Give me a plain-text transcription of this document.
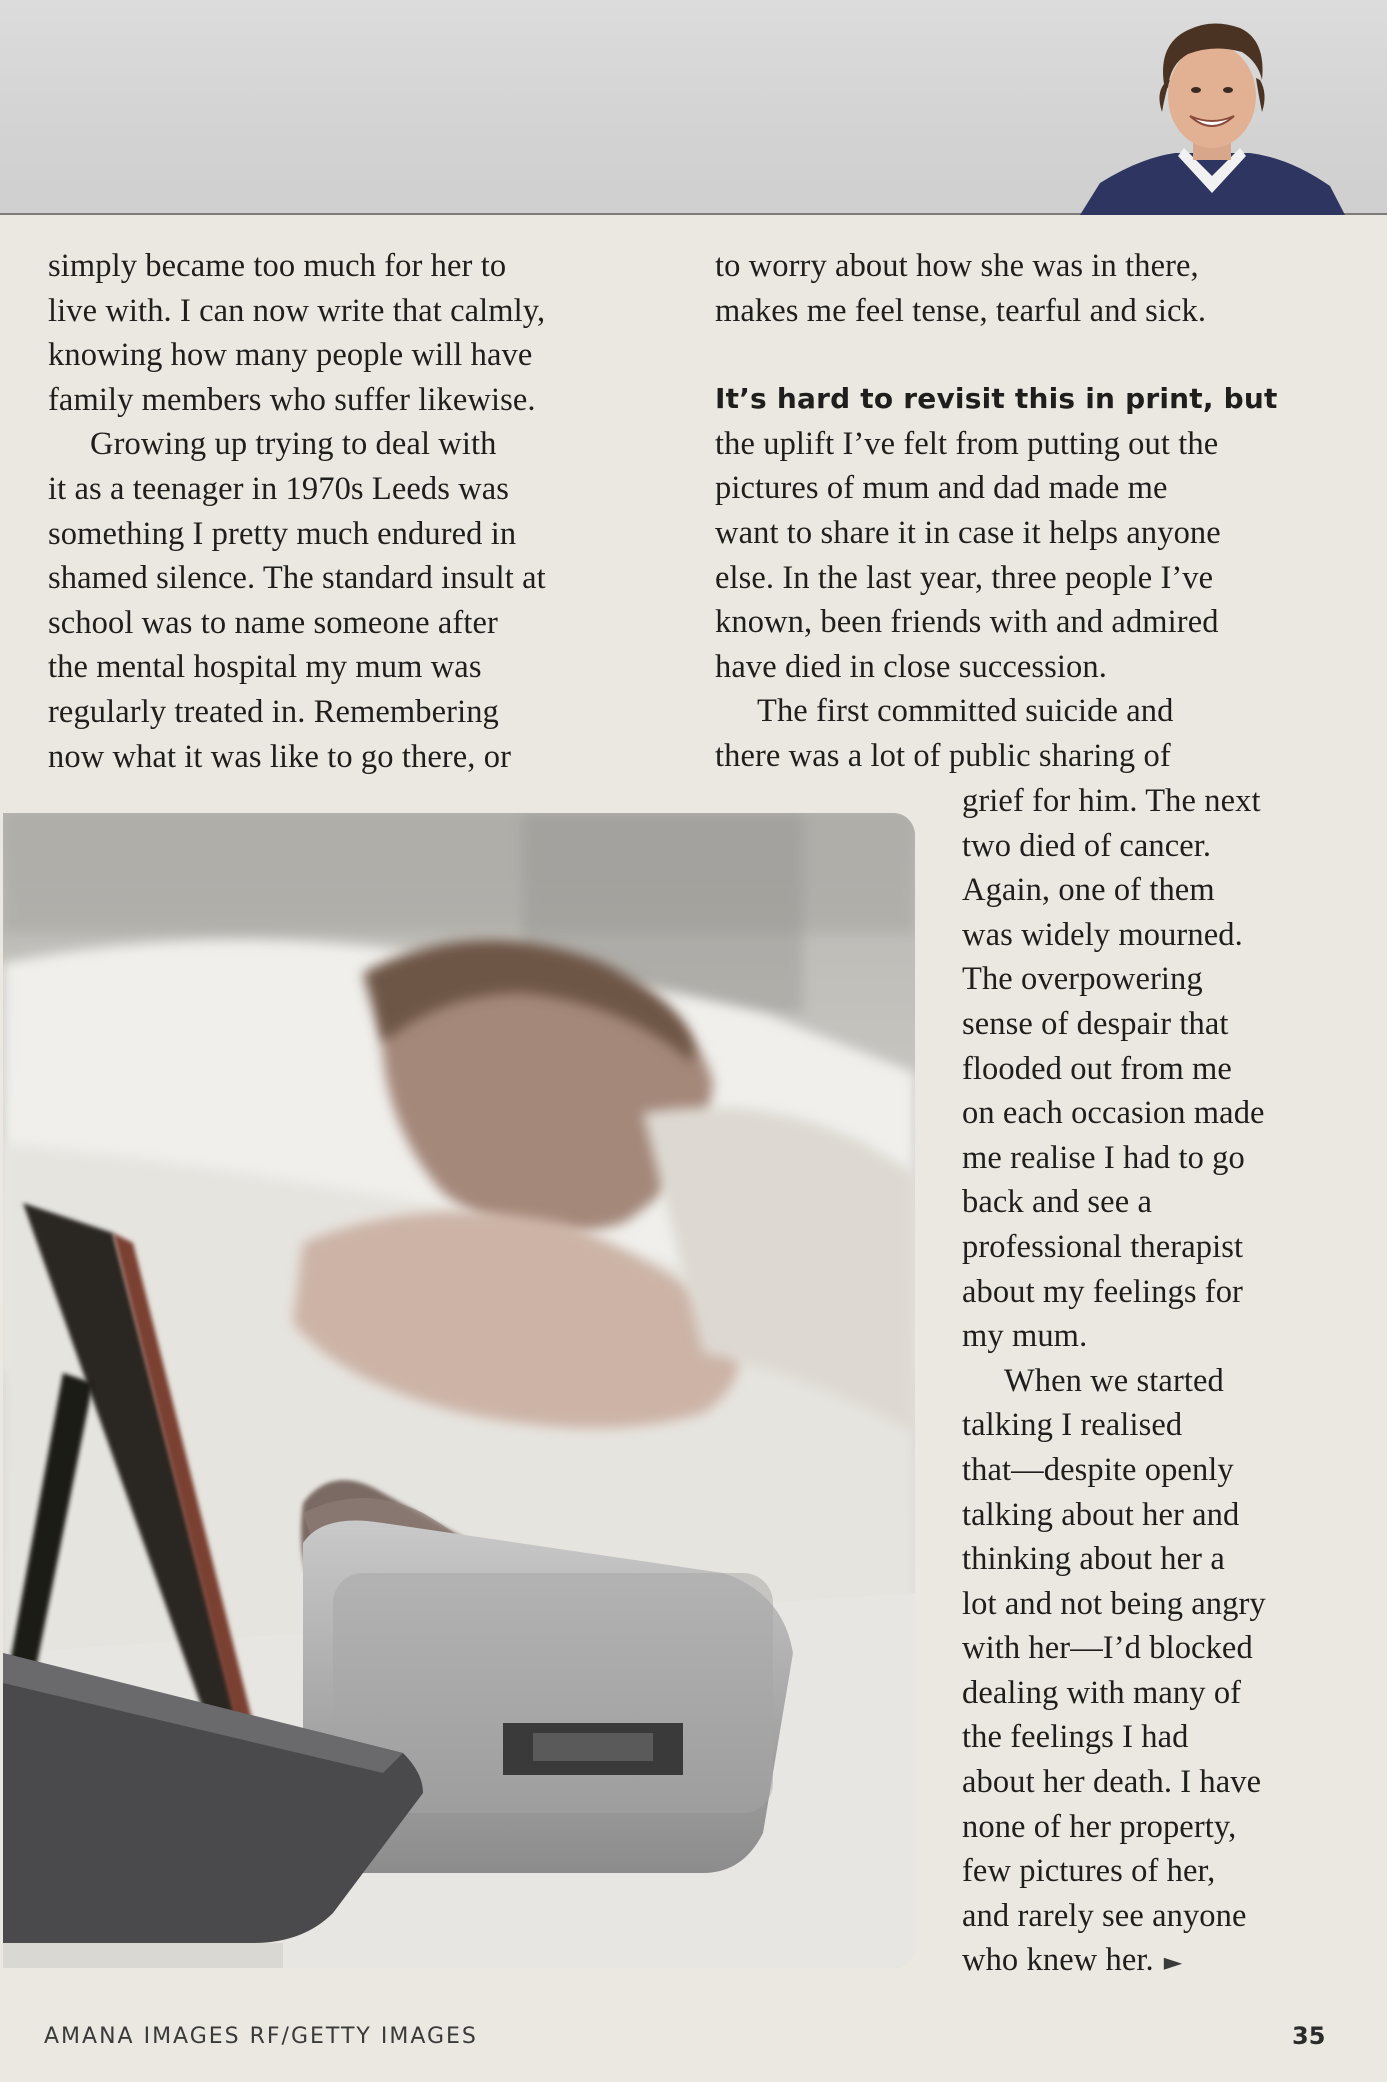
simply became too much for her to
live with. I can now write that calmly,
knowing how many people will have
family members who suffer likewise.

Growing up trying to deal with
it as a teenager in 1970s Leeds was
something I pretty much endured in
shamed silence. The standard insult at
school was to name someone after
the mental hospital my mum was
regularly treated in. Remembering
now what it was like to go there, or

to worry about how she was in there,
makes me feel tense, tearful and sick.

It’s hard to revisit this in print, but
the uplift I’ve felt from putting out the
pictures of mum and dad made me
want to share it in case it helps anyone
else. In the last year, three people I’ve
known, been friends with and admired
have died in close succession.

The first committed suicide and
there was a lot of public sharing of

grief for him. The next
two died of cancer.
Again, one of them
was widely mourned.
The overpowering
sense of despair that
flooded out from me
on each occasion made
me realise I had to go
back and see a
professional therapist
about my feelings for
my mum.

When we started
talking I realised
that—despite openly
talking about her and
thinking about her a
lot and not being angry
with her—I’d blocked
dealing with many of
the feelings I had
about her death. I have
none of her property,
few pictures of her,
and rarely see anyone
who knew her. ►

AMANA IMAGES RF/GETTY IMAGES	35
